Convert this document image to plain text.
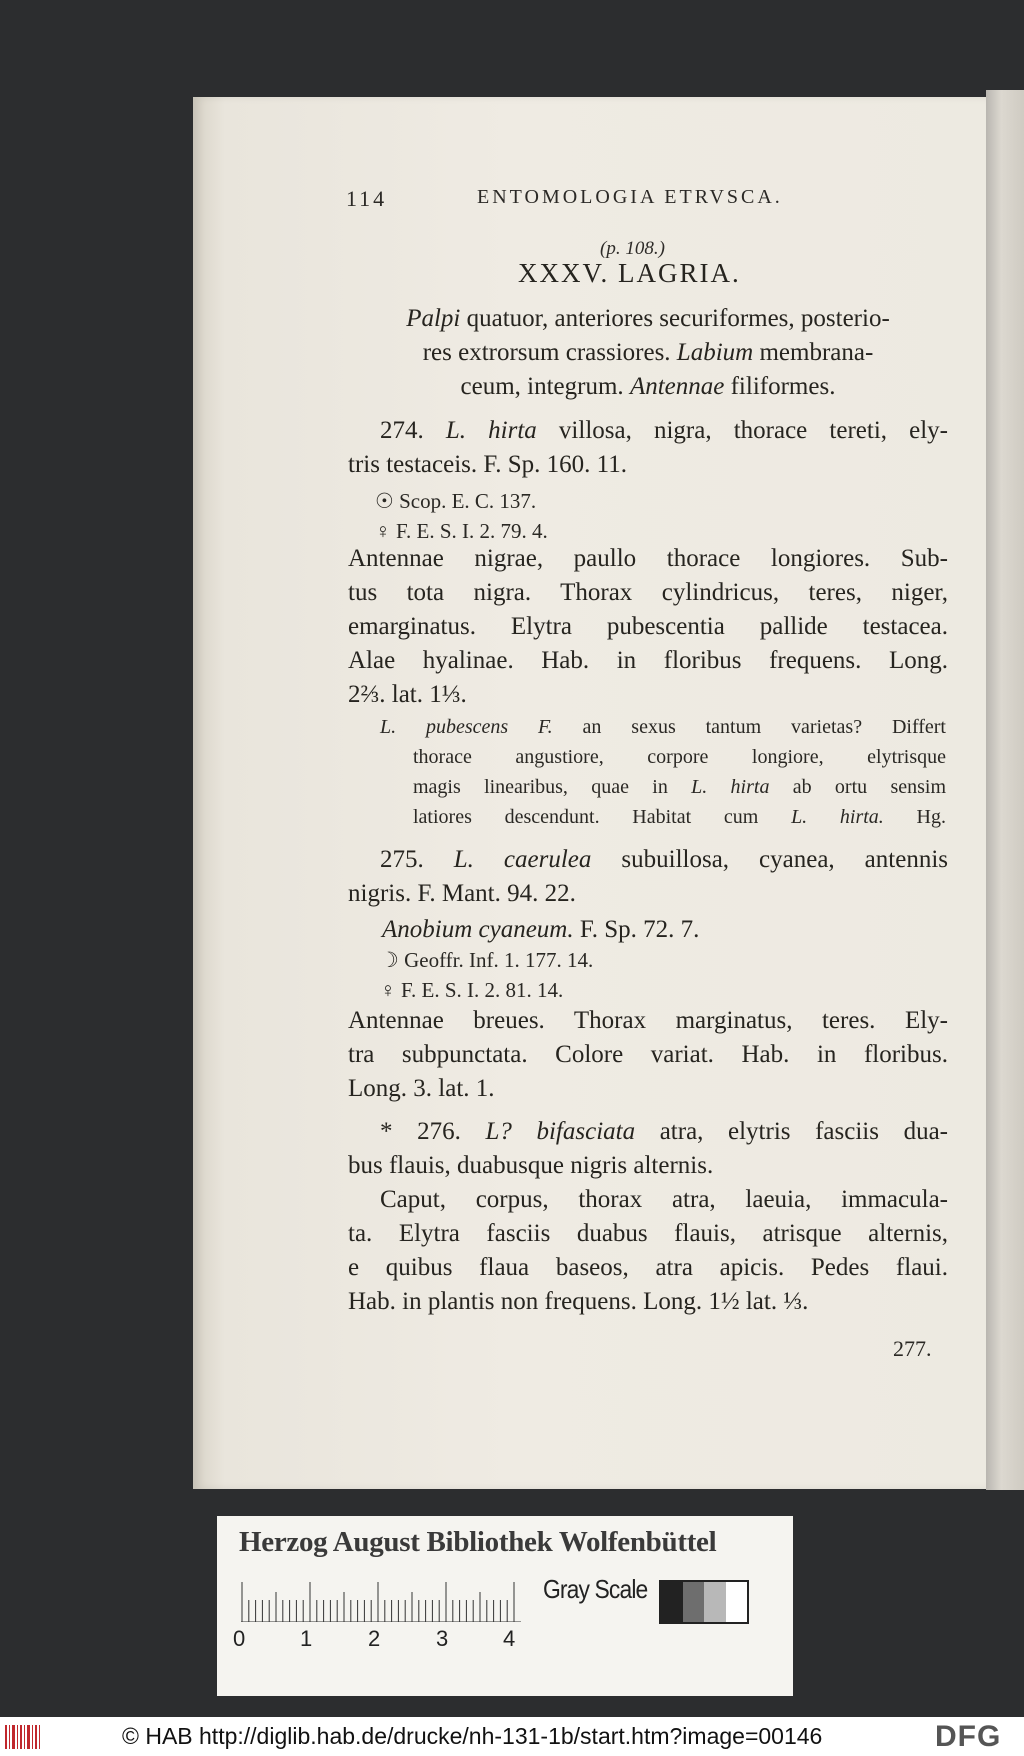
114	ENTOMOLOGIA ETRVSCA.
(p. 108.)
XXXV. LAGRIA.
Palpi quatuor, anteriores securiformes, posterio-
res extrorsum crassiores. Labium membrana-
ceum, integrum. Antennae filiformes.
274. L. hirta villosa, nigra, thorace tereti, ely-
tris testaceis. F. Sp. 160. 11.
☉ Scop. E. C. 137.
♀ F. E. S. I. 2. 79. 4.
Antennae nigrae, paullo thorace longiores. Sub-
tus tota nigra. Thorax cylindricus, teres, niger,
emarginatus. Elytra pubescentia pallide testacea.
Alae hyalinae. Hab. in floribus frequens. Long.
2⅔. lat. 1⅓.
L. pubescens F. an sexus tantum varietas? Differt
thorace angustiore, corpore longiore, elytrisque
magis linearibus, quae in L. hirta ab ortu sensim
latiores descendunt. Habitat cum L. hirta. Hg.
275. L. caerulea subuillosa, cyanea, antennis
nigris. F. Mant. 94. 22.
Anobium cyaneum. F. Sp. 72. 7.
☽ Geoffr. Inf. 1. 177. 14.
♀ F. E. S. I. 2. 81. 14.
Antennae breues. Thorax marginatus, teres. Ely-
tra subpunctata. Colore variat. Hab. in floribus.
Long. 3. lat. 1.
* 276. L? bifasciata atra, elytris fasciis dua-
bus flauis, duabusque nigris alternis.
Caput, corpus, thorax atra, laeuia, immacula-
ta. Elytra fasciis duabus flauis, atrisque alternis,
e quibus flaua baseos, atra apicis. Pedes flaui.
Hab. in plantis non frequens. Long. 1½ lat. ⅓.
277.
Herzog August Bibliothek Wolfenbüttel
0 1	2	3 4
Gray Scale
© HAB http://diglib.hab.de/drucke/nh-131-1b/start.htm?image=00146	DFG
